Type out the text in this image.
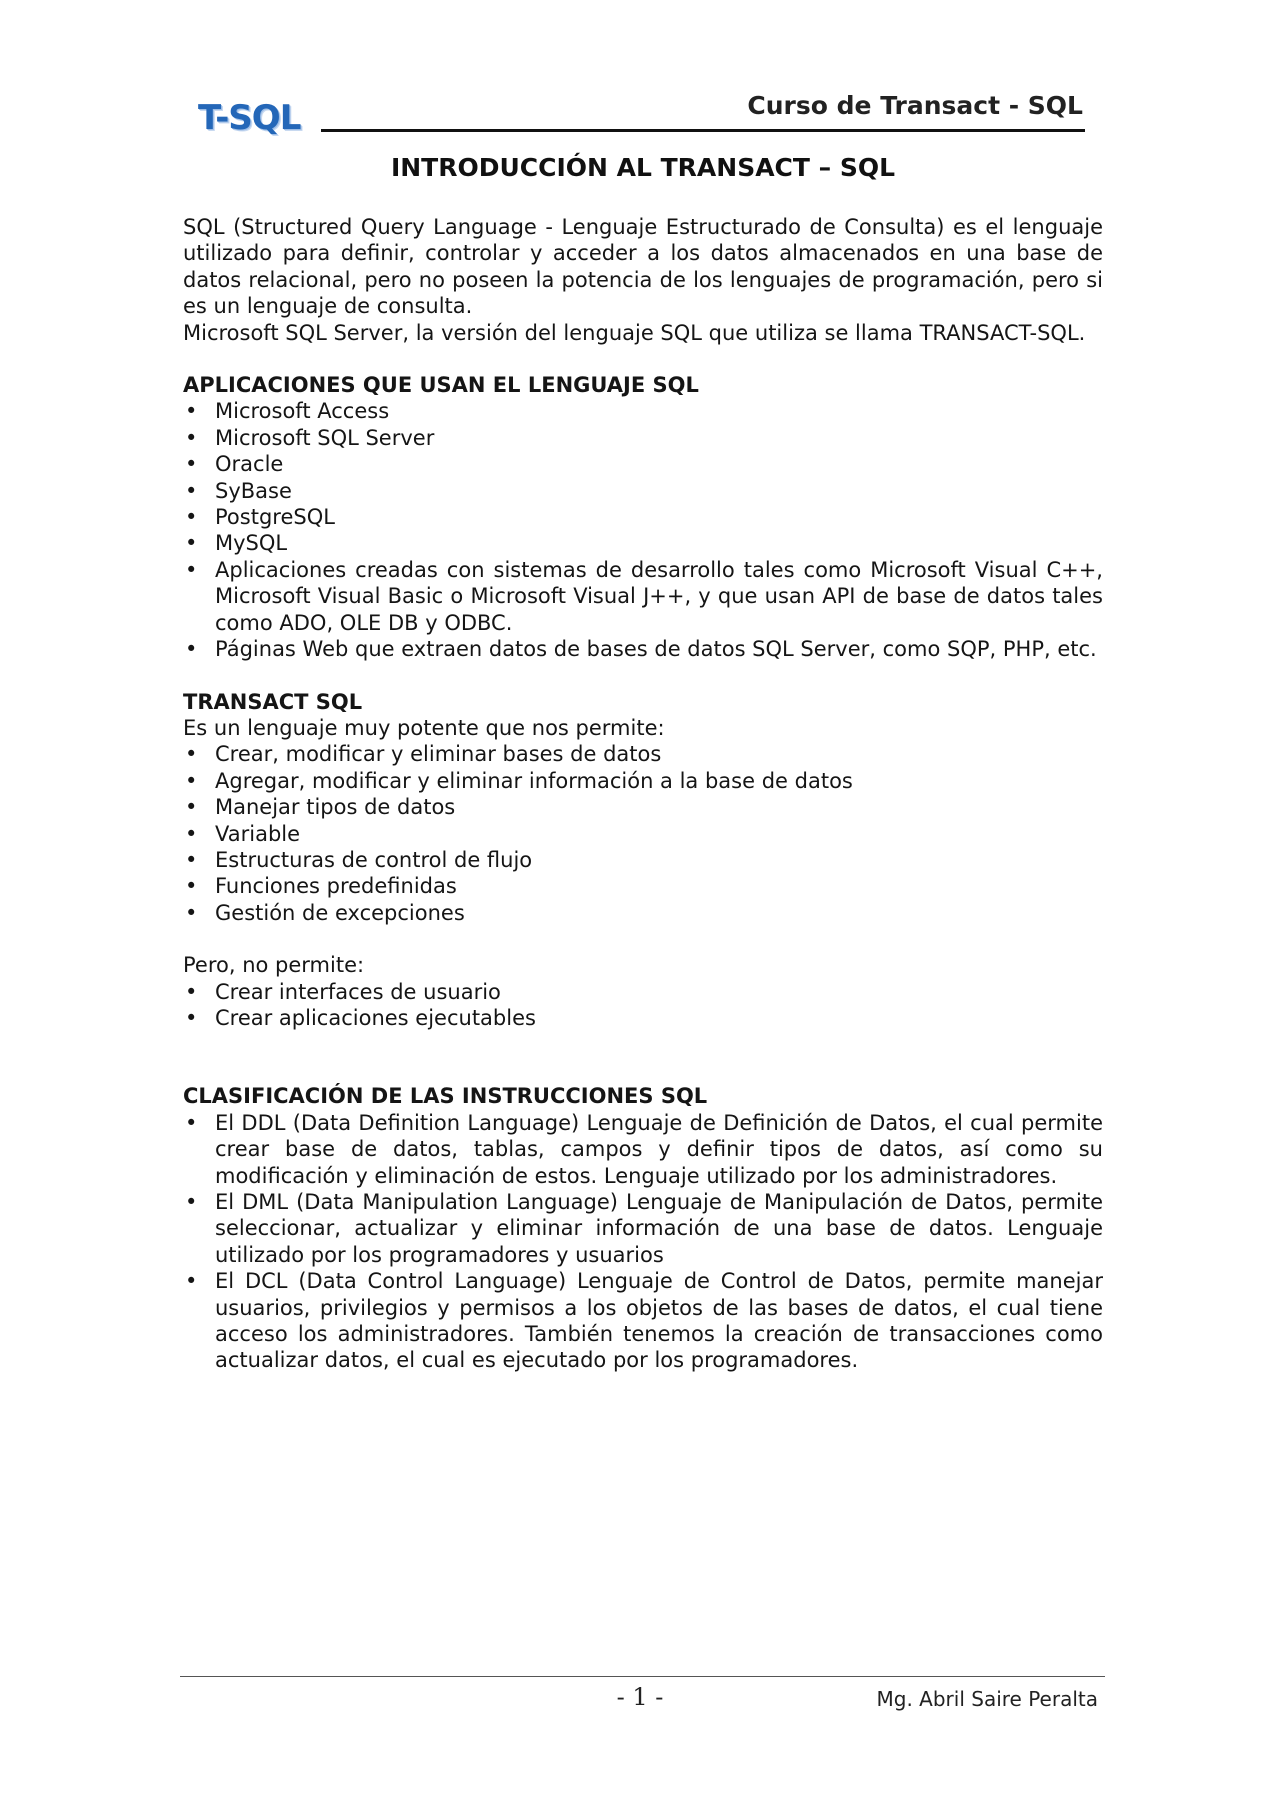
T-SQL	Curso de Transact - SQL
INTRODUCCIÓN AL TRANSACT – SQL

SQL (Structured Query Language - Lenguaje Estructurado de Consulta) es el lenguaje utilizado para definir, controlar y acceder a los datos almacenados en una base de datos relacional, pero no poseen la potencia de los lenguajes de programación, pero si es un lenguaje de consulta.

Microsoft SQL Server, la versión del lenguaje SQL que utiliza se llama TRANSACT-SQL.

APLICACIONES QUE USAN EL LENGUAJE SQL
• Microsoft Access
• Microsoft SQL Server
• Oracle
• SyBase
• PostgreSQL
• MySQL
• Aplicaciones creadas con sistemas de desarrollo tales como Microsoft Visual C++, Microsoft Visual Basic o Microsoft Visual J++, y que usan API de base de datos tales como ADO, OLE DB y ODBC.
• Páginas Web que extraen datos de bases de datos SQL Server, como SQP, PHP, etc.
TRANSACT SQL

Es un lenguaje muy potente que nos permite:

• Crear, modificar y eliminar bases de datos
• Agregar, modificar y eliminar información a la base de datos
• Manejar tipos de datos
• Variable
• Estructuras de control de flujo
• Funciones predefinidas
• Gestión de excepciones

Pero, no permite:

• Crear interfaces de usuario
• Crear aplicaciones ejecutables
CLASIFICACIÓN DE LAS INSTRUCCIONES SQL
• El DDL (Data Definition Language) Lenguaje de Definición de Datos, el cual permite crear base de datos, tablas, campos y definir tipos de datos, así como su modificación y eliminación de estos. Lenguaje utilizado por los administradores.
• El DML (Data Manipulation Language) Lenguaje de Manipulación de Datos, permite seleccionar, actualizar y eliminar información de una base de datos. Lenguaje utilizado por los programadores y usuarios
• El DCL (Data Control Language) Lenguaje de Control de Datos, permite manejar usuarios, privilegios y permisos a los objetos de las bases de datos, el cual tiene acceso los administradores. También tenemos la creación de transacciones como actualizar datos, el cual es ejecutado por los programadores.
- 1 -	Mg. Abril Saire Peralta
